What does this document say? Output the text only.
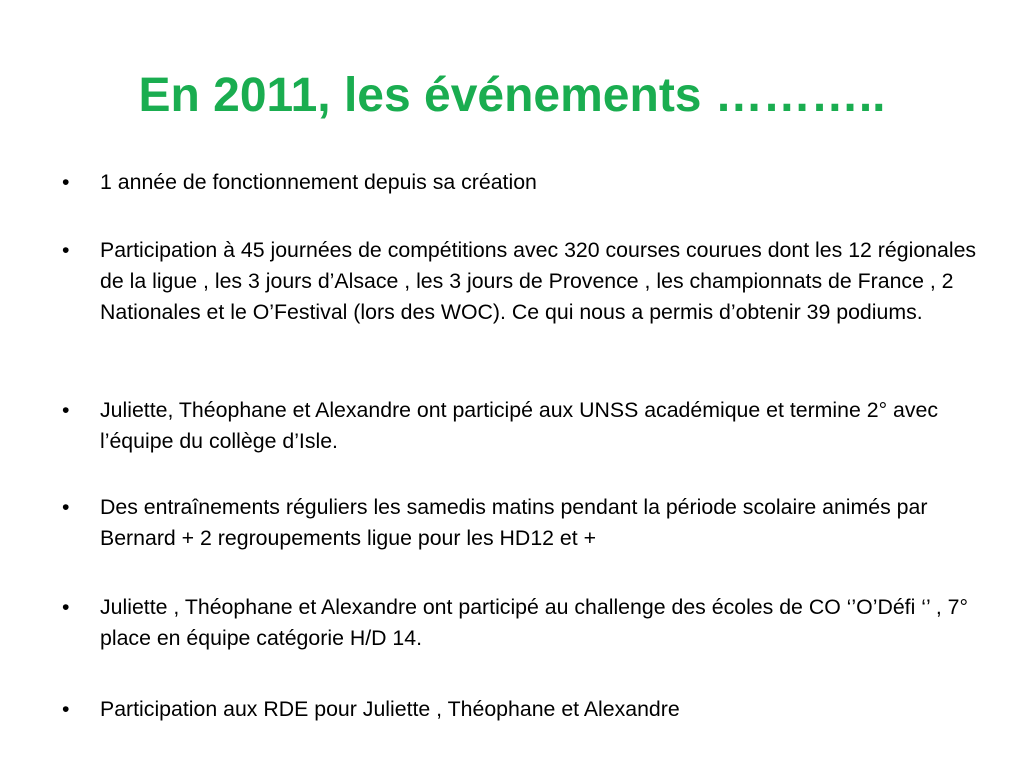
En 2011, les événements ………..
•	1 année de fonctionnement depuis sa création
•	Participation à 45 journées de compétitions avec 320 courses courues dont les 12 régionales de la ligue , les 3 jours d’Alsace , les 3 jours de Provence , les championnats de France , 2 Nationales et le O’Festival (lors des WOC). Ce qui nous a permis d’obtenir 39 podiums.
•	Juliette, Théophane et Alexandre ont participé aux UNSS académique et termine 2° avec l’équipe du collège d’Isle.
•	Des entraînements réguliers les samedis matins pendant la période scolaire animés par Bernard + 2 regroupements ligue pour les HD12 et +
•	Juliette , Théophane et Alexandre ont participé au challenge des écoles de CO ‘’O’Défi ‘’ , 7° place en équipe catégorie H/D 14.
•	Participation aux RDE pour Juliette , Théophane et Alexandre
